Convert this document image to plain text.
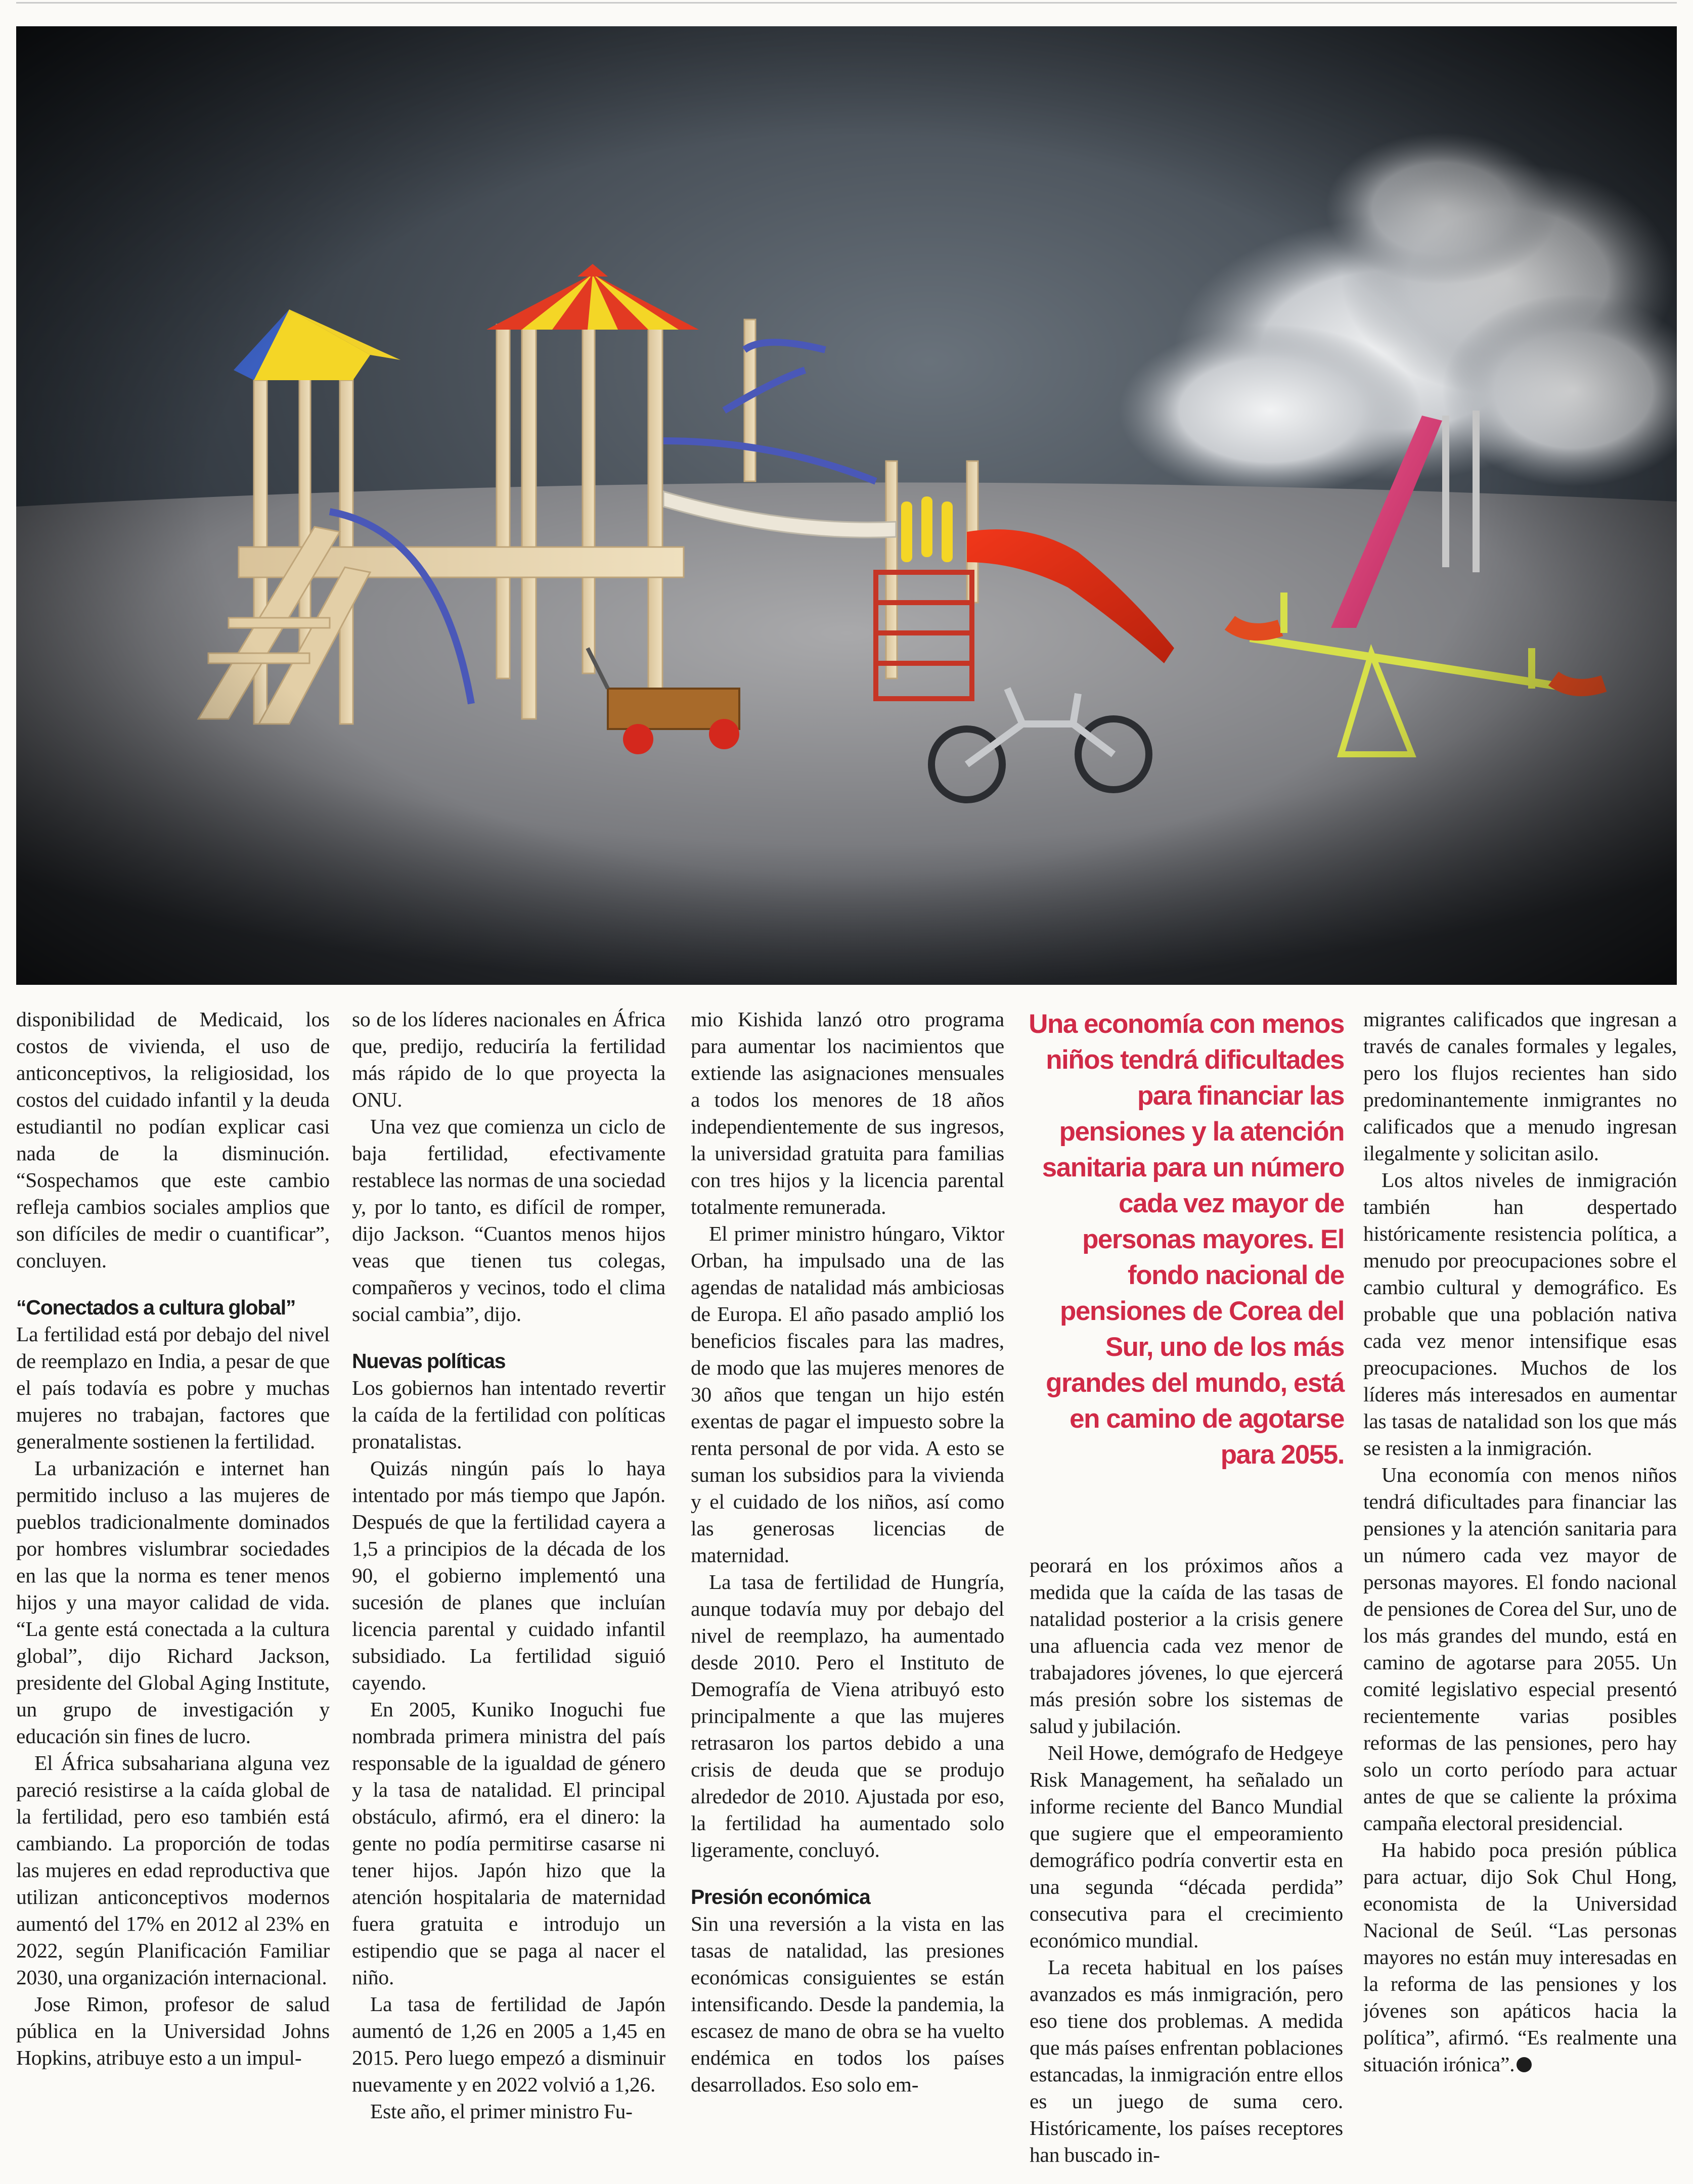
disponibilidad de Medicaid, los costos de vivienda, el uso de anticonceptivos, la religiosidad, los costos del cuidado infantil y la deuda estudiantil no podían explicar casi nada de la disminución. “Sospechamos que este cambio refleja cambios sociales amplios que son difíciles de medir o cuantificar”, concluyen.

“Conectados a cultura global”

La fertilidad está por debajo del nivel de reemplazo en India, a pesar de que el país todavía es pobre y muchas mujeres no trabajan, factores que generalmente sostienen la fertilidad.

La urbanización e internet han permitido incluso a las mujeres de pueblos tradicionalmente dominados por hombres vislumbrar sociedades en las que la norma es tener menos hijos y una mayor calidad de vida. “La gente está conectada a la cultura global”, dijo Richard Jackson, presidente del Global Aging Institute, un grupo de investigación y educación sin fines de lucro.

El África subsahariana alguna vez pareció resistirse a la caída global de la fertilidad, pero eso también está cambiando. La proporción de todas las mujeres en edad reproductiva que utilizan anticonceptivos modernos aumentó del 17% en 2012 al 23% en 2022, según Planificación Familiar 2030, una organización internacional.

Jose Rimon, profesor de salud pública en la Universidad Johns Hopkins, atribuye esto a un impul-

so de los líderes nacionales en África que, predijo, reduciría la fertilidad más rápido de lo que proyecta la ONU.

Una vez que comienza un ciclo de baja fertilidad, efectivamente restablece las normas de una sociedad y, por lo tanto, es difícil de romper, dijo Jackson. “Cuantos menos hijos veas que tienen tus colegas, compañeros y vecinos, todo el clima social cambia”, dijo.

Nuevas políticas

Los gobiernos han intentado revertir la caída de la fertilidad con políticas pronatalistas.

Quizás ningún país lo haya intentado por más tiempo que Japón. Después de que la fertilidad cayera a 1,5 a principios de la década de los 90, el gobierno implementó una sucesión de planes que incluían licencia parental y cuidado infantil subsidiado. La fertilidad siguió cayendo.

En 2005, Kuniko Inoguchi fue nombrada primera ministra del país responsable de la igualdad de género y la tasa de natalidad. El principal obstáculo, afirmó, era el dinero: la gente no podía permitirse casarse ni tener hijos. Japón hizo que la atención hospitalaria de maternidad fuera gratuita e introdujo un estipendio que se paga al nacer el niño.

La tasa de fertilidad de Japón aumentó de 1,26 en 2005 a 1,45 en 2015. Pero luego empezó a disminuir nuevamente y en 2022 volvió a 1,26.

Este año, el primer ministro Fu-

mio Kishida lanzó otro programa para aumentar los nacimientos que extiende las asignaciones mensuales a todos los menores de 18 años independientemente de sus ingresos, la universidad gratuita para familias con tres hijos y la licencia parental totalmente remunerada.

El primer ministro húngaro, Viktor Orban, ha impulsado una de las agendas de natalidad más ambiciosas de Europa. El año pasado amplió los beneficios fiscales para las madres, de modo que las mujeres menores de 30 años que tengan un hijo estén exentas de pagar el impuesto sobre la renta personal de por vida. A esto se suman los subsidios para la vivienda y el cuidado de los niños, así como las generosas licencias de maternidad.

La tasa de fertilidad de Hungría, aunque todavía muy por debajo del nivel de reemplazo, ha aumentado desde 2010. Pero el Instituto de Demografía de Viena atribuyó esto principalmente a que las mujeres retrasaron los partos debido a una crisis de deuda que se produjo alrededor de 2010. Ajustada por eso, la fertilidad ha aumentado solo ligeramente, concluyó.

Presión económica

Sin una reversión a la vista en las tasas de natalidad, las presiones económicas consiguientes se están intensificando. Desde la pandemia, la escasez de mano de obra se ha vuelto endémica en todos los países desarrollados. Eso solo em-

Una economía con menos niños tendrá dificultades para financiar las pensiones y la atención sanitaria para un número cada vez mayor de personas mayores. El fondo nacional de pensiones de Corea del Sur, uno de los más grandes del mundo, está en camino de agotarse para 2055.

peorará en los próximos años a medida que la caída de las tasas de natalidad posterior a la crisis genere una afluencia cada vez menor de trabajadores jóvenes, lo que ejercerá más presión sobre los sistemas de salud y jubilación.

Neil Howe, demógrafo de Hedgeye Risk Management, ha señalado un informe reciente del Banco Mundial que sugiere que el empeoramiento demográfico podría convertir esta en una segunda “década perdida” consecutiva para el crecimiento económico mundial.

La receta habitual en los países avanzados es más inmigración, pero eso tiene dos problemas. A medida que más países enfrentan poblaciones estancadas, la inmigración entre ellos es un juego de suma cero. Históricamente, los países receptores han buscado in-

migrantes calificados que ingresan a través de canales formales y legales, pero los flujos recientes han sido predominantemente inmigrantes no calificados que a menudo ingresan ilegalmente y solicitan asilo.

Los altos niveles de inmigración también han despertado históricamente resistencia política, a menudo por preocupaciones sobre el cambio cultural y demográfico. Es probable que una población nativa cada vez menor intensifique esas preocupaciones. Muchos de los líderes más interesados en aumentar las tasas de natalidad son los que más se resisten a la inmigración.

Una economía con menos niños tendrá dificultades para financiar las pensiones y la atención sanitaria para un número cada vez mayor de personas mayores. El fondo nacional de pensiones de Corea del Sur, uno de los más grandes del mundo, está en camino de agotarse para 2055. Un comité legislativo especial presentó recientemente varias posibles reformas de las pensiones, pero hay solo un corto período para actuar antes de que se caliente la próxima campaña electoral presidencial.

Ha habido poca presión pública para actuar, dijo Sok Chul Hong, economista de la Universidad Nacional de Seúl. “Las personas mayores no están muy interesadas en la reforma de las pensiones y los jóvenes son apáticos hacia la política”, afirmó. “Es realmente una situación irónica”.
